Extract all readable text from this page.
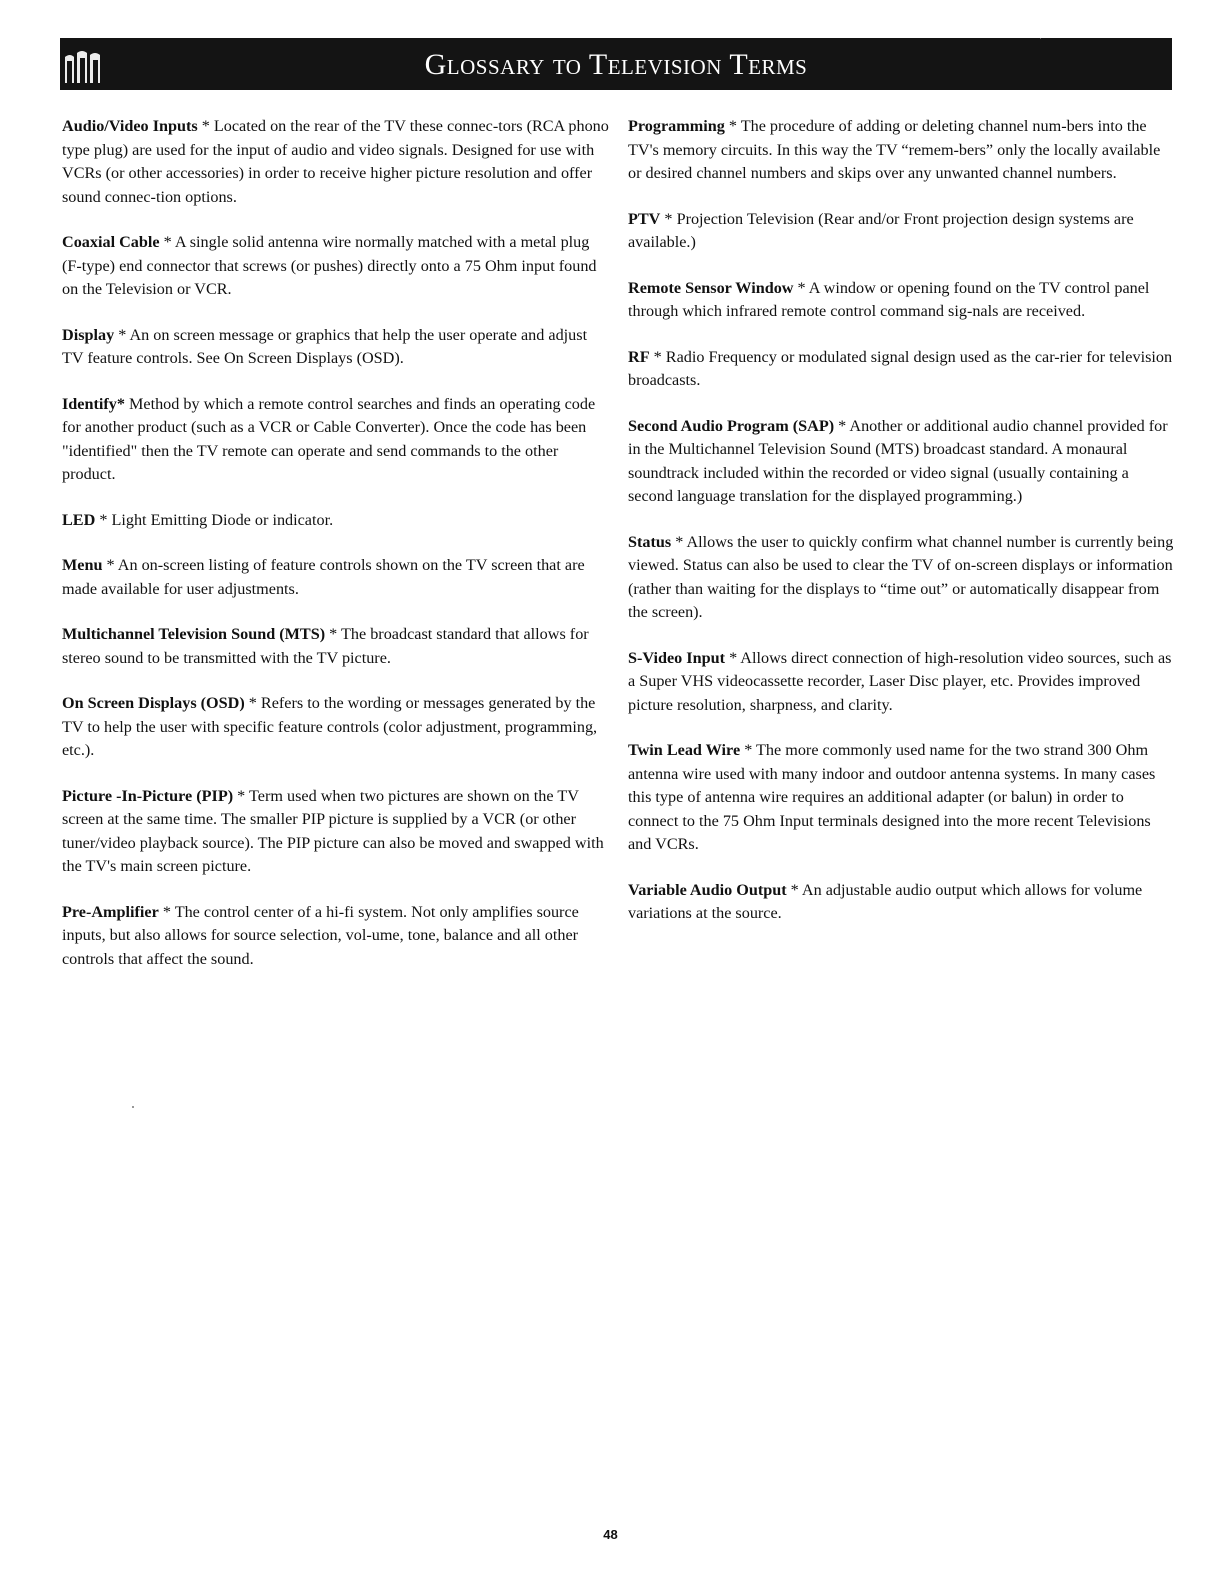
Glossary to Television Terms

Audio/Video Inputs * Located on the rear of the TV these connec-tors (RCA phono type plug) are used for the input of audio and video signals. Designed for use with VCRs (or other accessories) in order to receive higher picture resolution and offer sound connec-tion options.

Coaxial Cable * A single solid antenna wire normally matched with a metal plug (F-type) end connector that screws (or pushes) directly onto a 75 Ohm input found on the Television or VCR.

Display * An on screen message or graphics that help the user operate and adjust TV feature controls. See On Screen Displays (OSD).

Identify* Method by which a remote control searches and finds an operating code for another product (such as a VCR or Cable Converter). Once the code has been "identified" then the TV remote can operate and send commands to the other product.

LED * Light Emitting Diode or indicator.

Menu * An on-screen listing of feature controls shown on the TV screen that are made available for user adjustments.

Multichannel Television Sound (MTS) * The broadcast standard that allows for stereo sound to be transmitted with the TV picture.

On Screen Displays (OSD) * Refers to the wording or messages generated by the TV to help the user with specific feature controls (color adjustment, programming, etc.).

Picture -In-Picture (PIP) * Term used when two pictures are shown on the TV screen at the same time. The smaller PIP picture is supplied by a VCR (or other tuner/video playback source). The PIP picture can also be moved and swapped with the TV's main screen picture.

Pre-Amplifier * The control center of a hi-fi system. Not only amplifies source inputs, but also allows for source selection, vol-ume, tone, balance and all other controls that affect the sound.

Programming * The procedure of adding or deleting channel num-bers into the TV's memory circuits. In this way the TV “remem-bers” only the locally available or desired channel numbers and skips over any unwanted channel numbers.

PTV * Projection Television (Rear and/or Front projection design systems are available.)

Remote Sensor Window * A window or opening found on the TV control panel through which infrared remote control command sig-nals are received.

RF * Radio Frequency or modulated signal design used as the car-rier for television broadcasts.

Second Audio Program (SAP) * Another or additional audio channel provided for in the Multichannel Television Sound (MTS) broadcast standard. A monaural soundtrack included within the recorded or video signal (usually containing a second language translation for the displayed programming.)

Status * Allows the user to quickly confirm what channel number is currently being viewed. Status can also be used to clear the TV of on-screen displays or information (rather than waiting for the displays to “time out” or automatically disappear from the screen).

S-Video Input * Allows direct connection of high-resolution video sources, such as a Super VHS videocassette recorder, Laser Disc player, etc. Provides improved picture resolution, sharpness, and clarity.

Twin Lead Wire * The more commonly used name for the two strand 300 Ohm antenna wire used with many indoor and outdoor antenna systems. In many cases this type of antenna wire requires an additional adapter (or balun) in order to connect to the 75 Ohm Input terminals designed into the more recent Televisions and VCRs.

Variable Audio Output * An adjustable audio output which allows for volume variations at the source.

48
